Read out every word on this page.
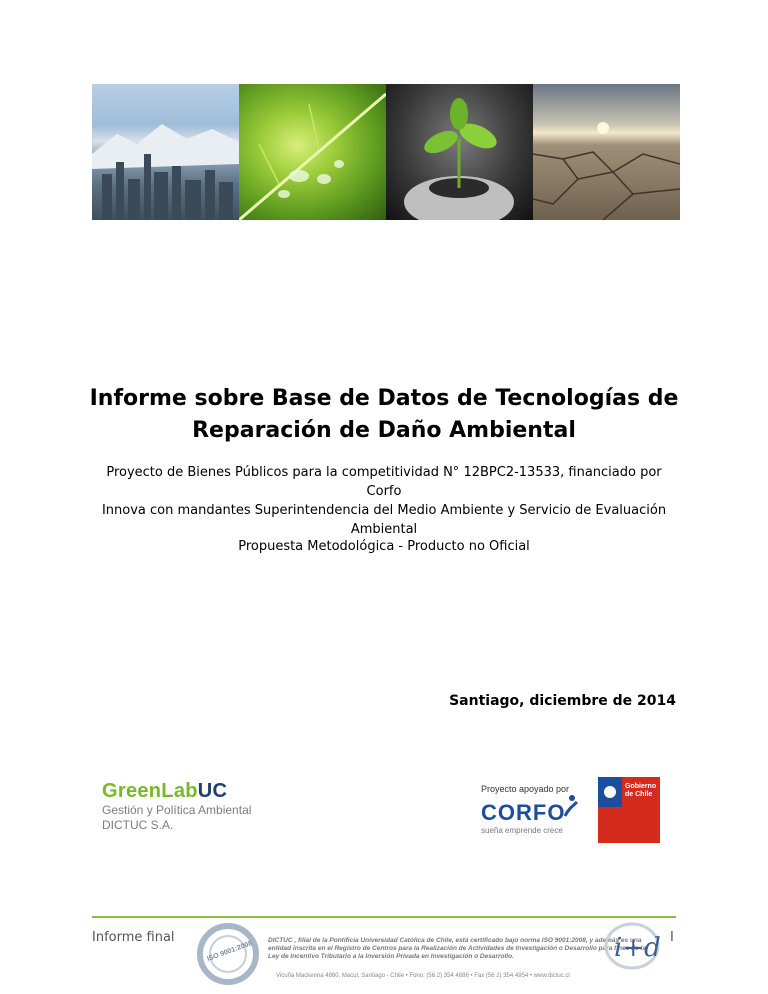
Informe sobre Base de Datos de Tecnologías de
Reparación de Daño Ambiental
Proyecto de Bienes Públicos para la competitividad N° 12BPC2-13533, financiado por Corfo
Innova con mandantes Superintendencia del Medio Ambiente y Servicio de Evaluación
Ambiental
Propuesta Metodológica - Producto no Oficial
Santiago, diciembre de 2014
GreenLabUC
Gestión y Política Ambiental
DICTUC S.A.
Proyecto apoyado por
CORFO
sueña emprende crece
Gobierno
de Chile
Informe final	I
ISO 9001:2008 DICTUC , filial de la Pontificia Universidad Católica de Chile, está certificado bajo norma ISO 9001:2008, y además es una entidad inscrita en el Registro de Centros para la Realización de Actividades de Investigación o Desarrollo para fines de la Ley de Incentivo Tributario a la Inversión Privada en Investigación o Desarrollo.
Vicuña Mackenna 4860, Macul, Santiago - Chile • Fono: (56 2) 354 4886 • Fax (56 2) 354 4954 • www.dictuc.cl
i+d
